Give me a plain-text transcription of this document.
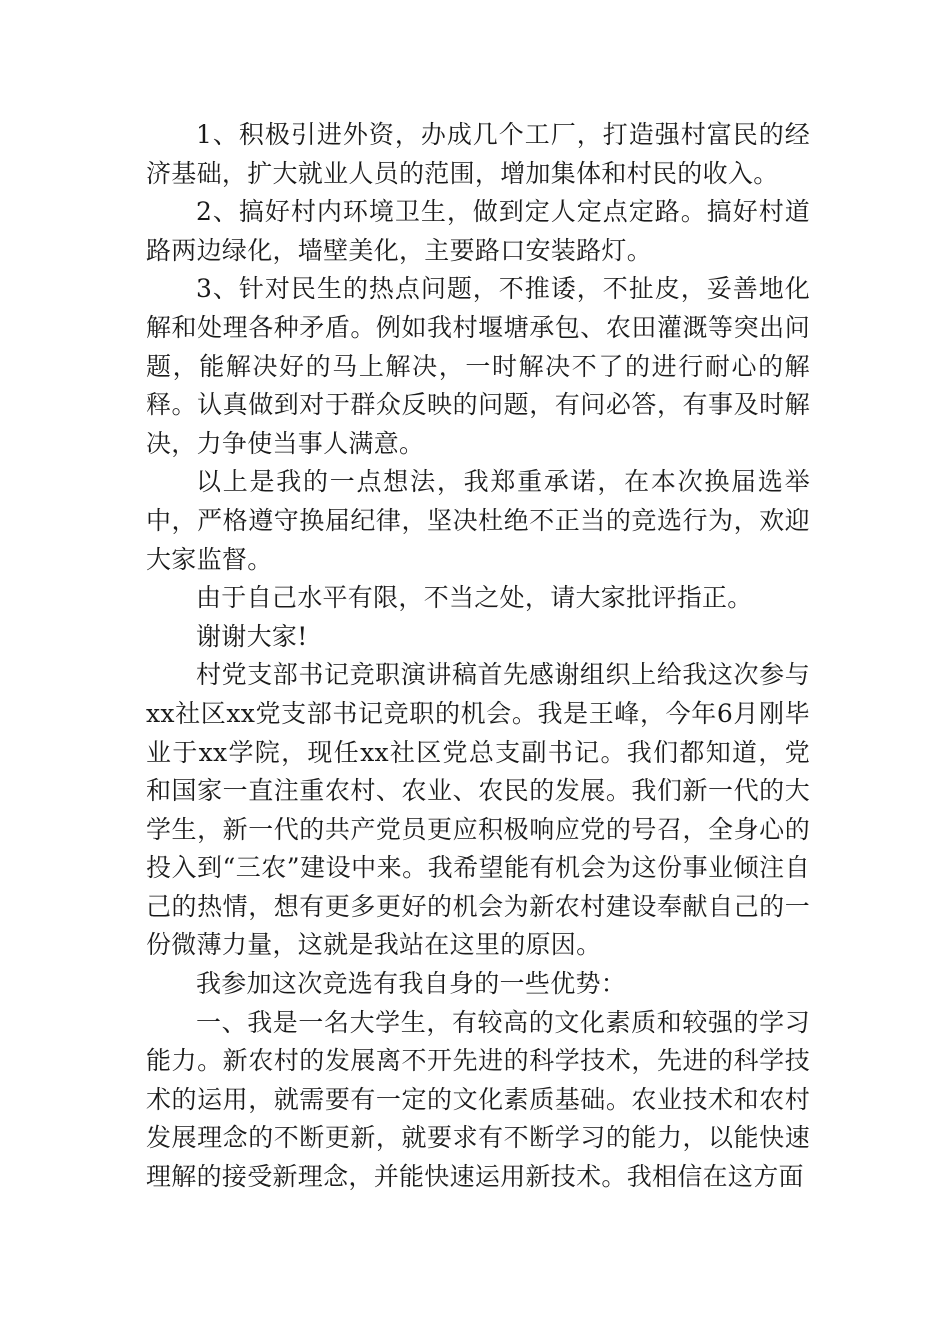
1、积极引进外资，办成几个工厂，打造强村富民的经济基础，扩大就业人员的范围，增加集体和村民的收入。

2、搞好村内环境卫生，做到定人定点定路。搞好村道路两边绿化，墙壁美化，主要路口安装路灯。

3、针对民生的热点问题，不推诿，不扯皮，妥善地化解和处理各种矛盾。例如我村堰塘承包、农田灌溉等突出问题，能解决好的马上解决，一时解决不了的进行耐心的解释。认真做到对于群众反映的问题，有问必答，有事及时解决，力争使当事人满意。

以上是我的一点想法，我郑重承诺，在本次换届选举中，严格遵守换届纪律，坚决杜绝不正当的竞选行为，欢迎大家监督。

由于自己水平有限，不当之处，请大家批评指正。

谢谢大家!

村党支部书记竞职演讲稿首先感谢组织上给我这次参与xx社区xx党支部书记竞职的机会。我是王峰，今年6月刚毕业于xx学院，现任xx社区党总支副书记。我们都知道，党和国家一直注重农村、农业、农民的发展。我们新一代的大学生，新一代的共产党员更应积极响应党的号召，全身心的投入到“三农”建设中来。我希望能有机会为这份事业倾注自己的热情，想有更多更好的机会为新农村建设奉献自己的一份微薄力量，这就是我站在这里的原因。

我参加这次竞选有我自身的一些优势：

一、我是一名大学生，有较高的文化素质和较强的学习能力。新农村的发展离不开先进的科学技术，先进的科学技术的运用，就需要有一定的文化素质基础。农业技术和农村发展理念的不断更新，就要求有不断学习的能力，以能快速理解的接受新理念，并能快速运用新技术。我相信在这方面
